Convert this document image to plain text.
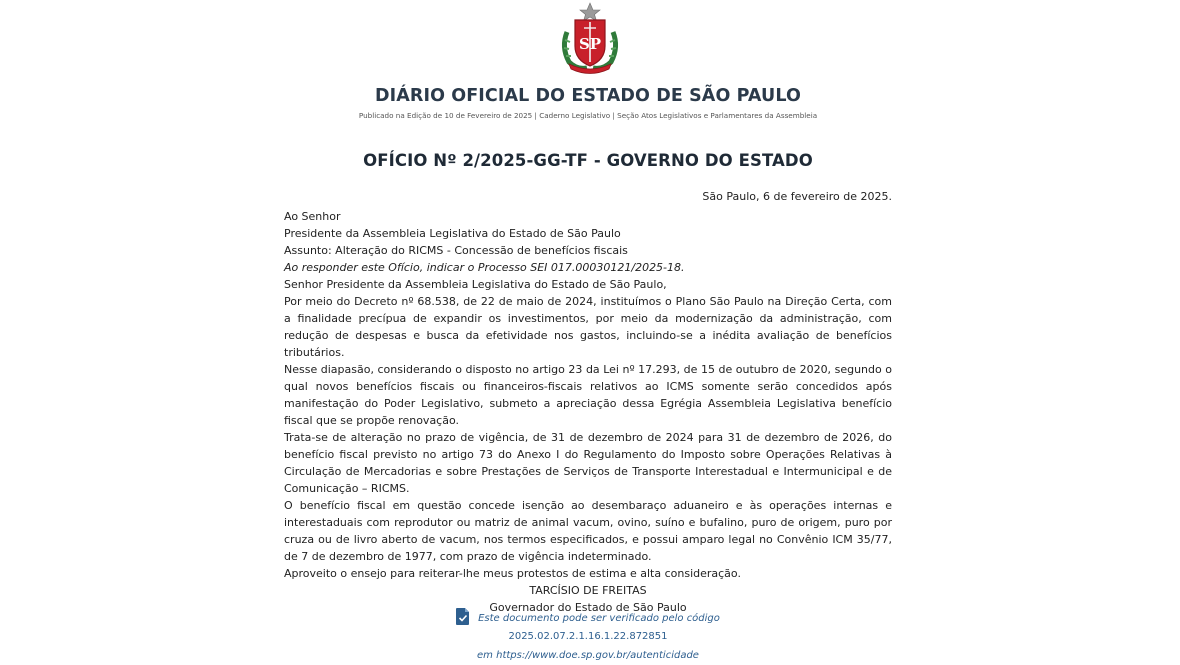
SP
DIÁRIO OFICIAL DO ESTADO DE SÃO PAULO
Publicado na Edição de 10 de Fevereiro de 2025 | Caderno Legislativo | Seção Atos Legislativos e Parlamentares da Assembleia
OFÍCIO Nº 2/2025-GG-TF - GOVERNO DO ESTADO
São Paulo, 6 de fevereiro de 2025.
Ao Senhor
Presidente da Assembleia Legislativa do Estado de São Paulo
Assunto: Alteração do RICMS - Concessão de benefícios fiscais
Ao responder este Ofício, indicar o Processo SEI 017.00030121/2025-18.
Senhor Presidente da Assembleia Legislativa do Estado de São Paulo,
Por meio do Decreto nº 68.538, de 22 de maio de 2024, instituímos o Plano São Paulo na Direção Certa, com a finalidade precípua de expandir os investimentos, por meio da modernização da administração, com redução de despesas e busca da efetividade nos gastos, incluindo-se a inédita avaliação de benefícios tributários.
Nesse diapasão, considerando o disposto no artigo 23 da Lei nº 17.293, de 15 de outubro de 2020, segundo o qual novos benefícios fiscais ou financeiros-fiscais relativos ao ICMS somente serão concedidos após manifestação do Poder Legislativo, submeto a apreciação dessa Egrégia Assembleia Legislativa benefício fiscal que se propõe renovação.
Trata-se de alteração no prazo de vigência, de 31 de dezembro de 2024 para 31 de dezembro de 2026, do benefício fiscal previsto no artigo 73 do Anexo I do Regulamento do Imposto sobre Operações Relativas à Circulação de Mercadorias e sobre Prestações de Serviços de Transporte Interestadual e Intermunicipal e de Comunicação – RICMS.
O benefício fiscal em questão concede isenção ao desembaraço aduaneiro e às operações internas e interestaduais com reprodutor ou matriz de animal vacum, ovino, suíno e bufalino, puro de origem, puro por cruza ou de livro aberto de vacum, nos termos especificados, e possui amparo legal no Convênio ICM 35/77, de 7 de dezembro de 1977, com prazo de vigência indeterminado.
Aproveito o ensejo para reiterar-lhe meus protestos de estima e alta consideração.
TARCÍSIO DE FREITAS
Governador do Estado de São Paulo
Este documento pode ser verificado pelo código
2025.02.07.2.1.16.1.22.872851
em https://www.doe.sp.gov.br/autenticidade
